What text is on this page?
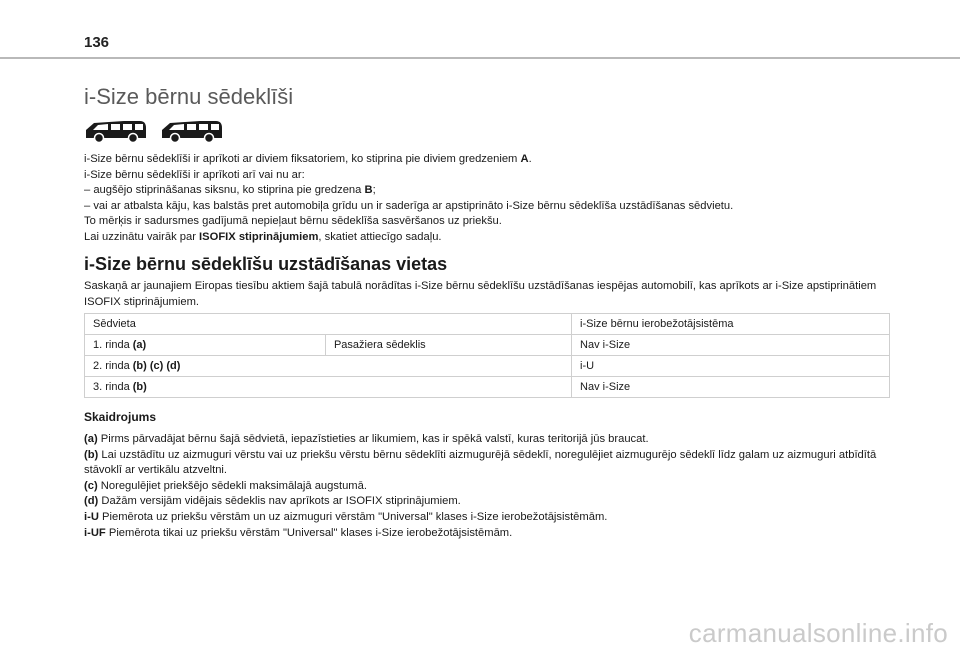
136
i-Size bērnu sēdeklīši

i-Size bērnu sēdeklīši ir aprīkoti ar diviem fiksatoriem, ko stiprina pie diviem gredzeniem A.

i-Size bērnu sēdeklīši ir aprīkoti arī vai nu ar:

– augšējo stiprināšanas siksnu, ko stiprina pie gredzena B;

– vai ar atbalsta kāju, kas balstās pret automobiļa grīdu un ir saderīga ar apstiprināto i-Size bērnu sēdeklīša uzstādīšanas sēdvietu.

To mērķis ir sadursmes gadījumā nepieļaut bērnu sēdeklīša sasvēršanos uz priekšu.

Lai uzzinātu vairāk par ISOFIX stiprinājumiem, skatiet attiecīgo sadaļu.

i-Size bērnu sēdeklīšu uzstādīšanas vietas
Saskaņā ar jaunajiem Eiropas tiesību aktiem šajā tabulā norādītas i-Size bērnu sēdeklīšu uzstādīšanas iespējas automobilī, kas aprīkots ar i-Size apstiprinātiem ISOFIX stiprinājumiem.
Sēdvieta		i-Size bērnu ierobežotājsistēma
1. rinda (a)	Pasažiera sēdeklis	Nav i-Size
2. rinda (b) (c) (d)		i-U
3. rinda (b)		Nav i-Size
Skaidrojums

(a) Pirms pārvadājat bērnu šajā sēdvietā, iepazīstieties ar likumiem, kas ir spēkā valstī, kuras teritorijā jūs braucat.

(b) Lai uzstādītu uz aizmuguri vērstu vai uz priekšu vērstu bērnu sēdeklīti aizmugurējā sēdeklī, noregulējiet aizmugurējo sēdeklī līdz galam uz aizmuguri atbīdītā stāvoklī ar vertikālu atzveltni.

(c) Noregulējiet priekšējo sēdekli maksimālajā augstumā.

(d) Dažām versijām vidējais sēdeklis nav aprīkots ar ISOFIX stiprinājumiem.

i-U Piemērota uz priekšu vērstām un uz aizmuguri vērstām "Universal" klases i-Size ierobežotājsistēmām.

i-UF Piemērota tikai uz priekšu vērstām "Universal" klases i-Size ierobežotājsistēmām.

carmanualsonline.info
